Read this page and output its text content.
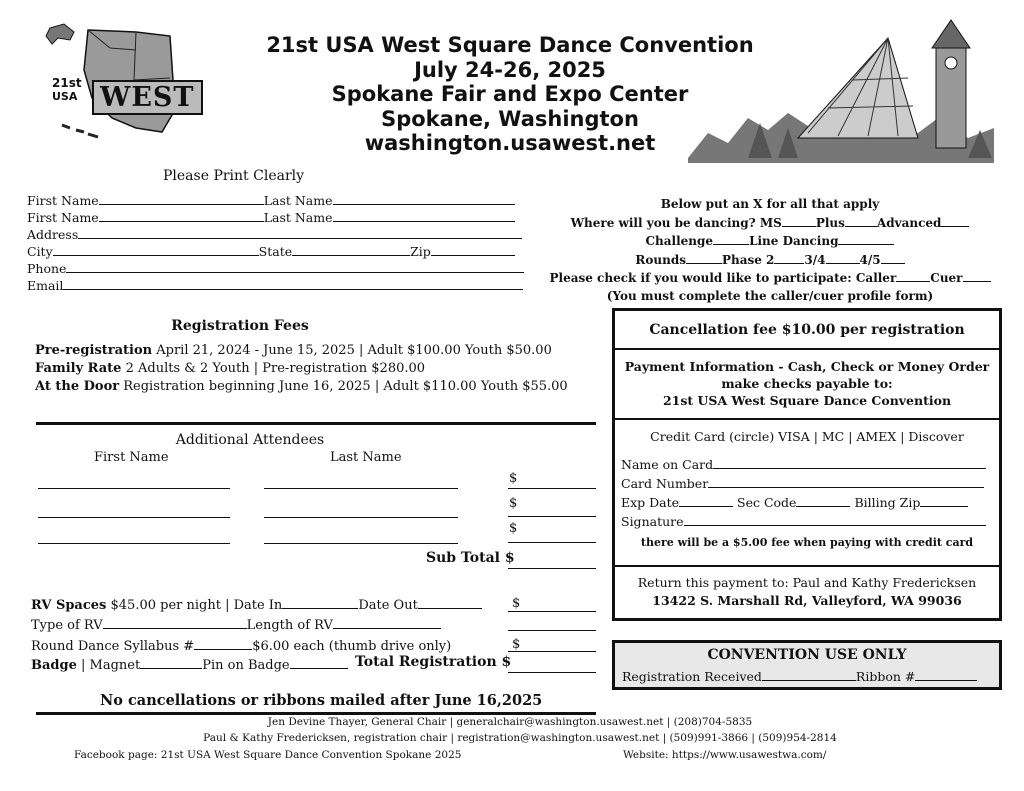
21st
USA WEST
21st USA West Square Dance Convention
July 24-26, 2025
Spokane Fair and Expo Center
Spokane, Washington
washington.usawest.net
Please Print Clearly
First Name	Last Name
First Name	Last Name
Address
City	State	Zip
Phone
Email
Below put an X for all that apply
Where will you be dancing? MS	Plus	Advanced
Challenge	Line Dancing
Rounds	Phase 2	3/4	4/5
Please check if you would like to participate: Caller	Cuer
(You must complete the caller/cuer profile form)
Registration Fees
Pre-registration April 21, 2024 - June 15, 2025 | Adult $100.00 Youth $50.00
Family Rate 2 Adults & 2 Youth | Pre-registration $280.00
At the Door Registration beginning June 16, 2025 | Adult $110.00 Youth $55.00
Additional Attendees
First Name	Last Name
$
$
$
Sub Total $
RV Spaces $45.00 per night | Date In	Date Out	$
Type of RV	Length of RV
Round Dance Syllabus #	$6.00 each (thumb drive only)	$
Badge | Magnet	Pin on Badge	Total Registration $
No cancellations or ribbons mailed after June 16,2025
Cancellation fee $10.00 per registration
Payment Information - Cash, Check or Money Order
make checks payable to:
21st USA West Square Dance Convention
Credit Card (circle) VISA | MC | AMEX | Discover
Name on Card
Card Number
Exp Date	Sec Code	Billing Zip
Signature
there will be a $5.00 fee when paying with credit card
Return this payment to: Paul and Kathy Fredericksen
13422 S. Marshall Rd, Valleyford, WA 99036
CONVENTION USE ONLY
Registration Received	Ribbon #
Jen Devine Thayer, General Chair | generalchair@washington.usawest.net | (208)704-5835
Paul & Kathy Fredericksen, registration chair | registration@washington.usawest.net | (509)991-3866 | (509)954-2814
Facebook page: 21st USA West Square Dance Convention Spokane 2025	Website: https://www.usawestwa.com/
